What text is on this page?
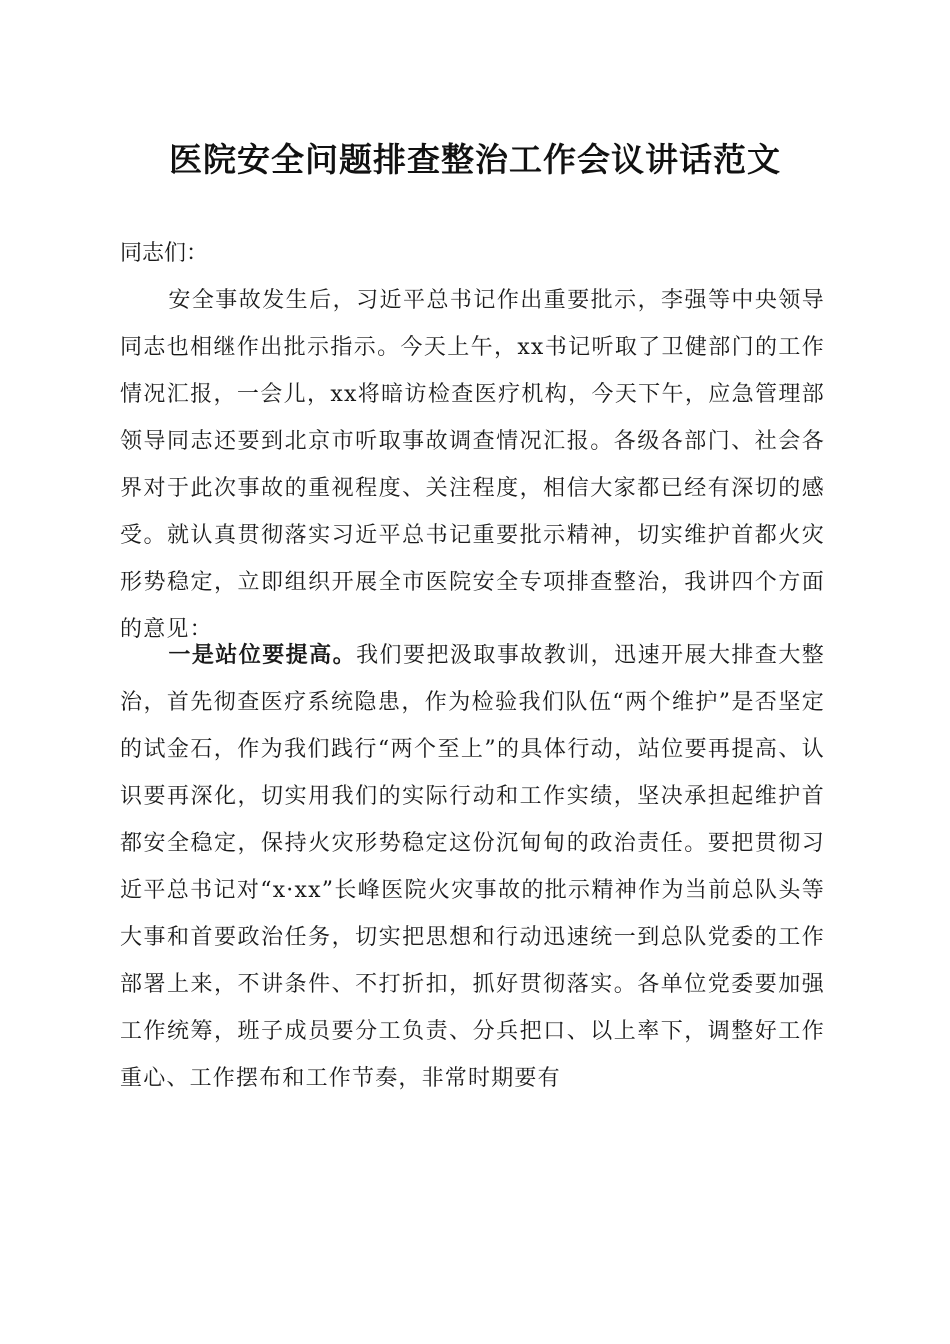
医院安全问题排查整治工作会议讲话范文

同志们：

安全事故发生后，习近平总书记作出重要批示，李强等中央领导同志也相继作出批示指示。今天上午，xx书记听取了卫健部门的工作情况汇报，一会儿，xx将暗访检查医疗机构，今天下午，应急管理部领导同志还要到北京市听取事故调查情况汇报。各级各部门、社会各界对于此次事故的重视程度、关注程度，相信大家都已经有深切的感受。就认真贯彻落实习近平总书记重要批示精神，切实维护首都火灾形势稳定，立即组织开展全市医院安全专项排查整治，我讲四个方面的意见：

一是站位要提高。我们要把汲取事故教训，迅速开展大排查大整治，首先彻查医疗系统隐患，作为检验我们队伍“两个维护”是否坚定的试金石，作为我们践行“两个至上”的具体行动，站位要再提高、认识要再深化，切实用我们的实际行动和工作实绩，坚决承担起维护首都安全稳定，保持火灾形势稳定这份沉甸甸的政治责任。要把贯彻习近平总书记对“x·xx”长峰医院火灾事故的批示精神作为当前总队头等大事和首要政治任务，切实把思想和行动迅速统一到总队党委的工作部署上来，不讲条件、不打折扣，抓好贯彻落实。各单位党委要加强工作统筹，班子成员要分工负责、分兵把口、以上率下，调整好工作重心、工作摆布和工作节奏，非常时期要有
